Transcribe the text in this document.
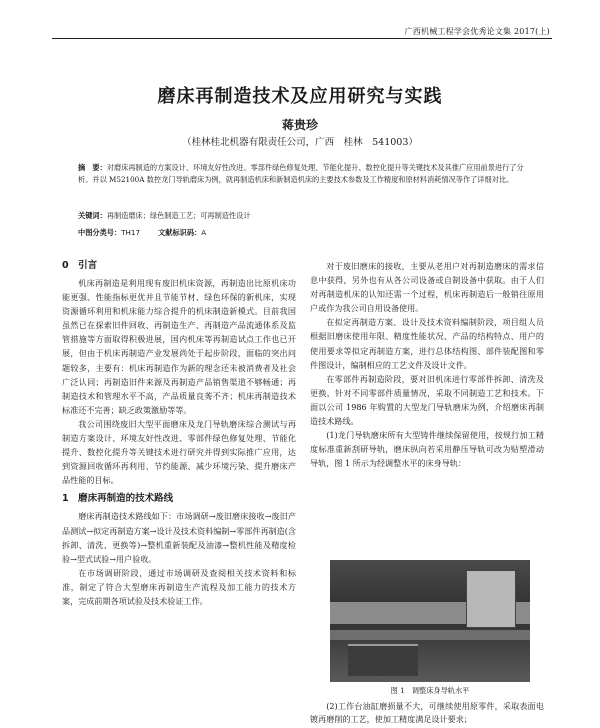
广西机械工程学会优秀论文集 2017(上)
磨床再制造技术及应用研究与实践
蒋贵珍
（桂林桂北机器有限责任公司，广西　桂林　541003）
摘　要：对磨床再制造的方案设计、环境友好性改进、零部件绿色修复处理、节能化提升、数控化提升等关键技术及其推广应用前景进行了分析。并以 M52100A 数控龙门导轨磨床为例，就再制造机床和新制造机床的主要技术参数及工作精度和原材料消耗情况等作了详细对比。
关键词：再制造磨床；绿色制造工艺；可再制造性设计
中图分类号：TH17	文献标识码：A
0　引言

机床再制造是利用现有废旧机床资源，再制造出比原机床功能更强、性能指标更优并且节能节材、绿色环保的新机床，实现资源循环利用和机床能力综合提升的机床制造新模式。目前我国虽然已在探索旧件回收、再制造生产、再制造产品流通体系及监管措施等方面取得积极进展，国内机床等再制造试点工作也已开展，但由于机床再制造产业发展尚处于起步阶段，面临的突出问题较多，主要有：机床再制造作为新的理念还未被消费者及社会广泛认同；再制造旧件来源及再制造产品销售渠道不够畅通；再制造技术和管理水平不高，产品质量良莠不齐；机床再制造技术标准还不完善；缺乏政策激励等等。

我公司围绕废旧大型平面磨床及龙门导轨磨床综合测试与再制造方案设计、环境友好性改进、零部件绿色修复处理、节能化提升、数控化提升等关键技术进行研究并得到实际推广应用，达到资源回收循环再利用、节约能源、减少环境污染、提升磨床产品性能的目标。

1　磨床再制造的技术路线

磨床再制造技术路线如下：市场调研→废旧磨床接收→废旧产品测试→拟定再制造方案→设计及技术资料编制→零部件再制造(含拆卸、清洗、更换等)→整机重新装配及油漆→整机性能及精度检验→型式试验→用户验收。

在市场调研阶段，通过市场调研及查阅相关技术资料和标准，制定了符合大型磨床再制造生产流程及加工能力的技术方案，完成前期各项试验及技术验证工作。

对于废旧磨床的接收，主要从老用户对再制造磨床的需求信息中获得，另外也有从各公司设备或自制设备中获取。由于人们对再制造机床的认知还需一个过程，机床再制造后一般销往原用户或作为我公司自用设备使用。

在拟定再制造方案、设计及技术资料编制阶段，项目组人员根据旧磨床使用年限、精度性能状况、产品的结构特点、用户的使用要求等拟定再制造方案，进行总体结构图、部件装配图和零件图设计，编制相应的工艺文件及设计文件。

在零部件再制造阶段，要对旧机床进行零部件拆卸、清洗及更换，针对不同零部件质量情况，采取不同制造工艺和技术。下面以公司 1986 年购置的大型龙门导轨磨床为例，介绍磨床再制造技术路线。

(1)龙门导轨磨床所有大型铸件继续保留使用，按规行加工精度标准重新刮研导轨，磨床纵向若采用静压导轨可改为贴塑滑动导轨，图 1 所示为经调整水平的床身导轨：

图 1　调整床身导轨水平

(2)工作台油缸磨损量不大，可继续使用原零件，采取表面电镀再磨削的工艺，使加工精度满足设计要求；
